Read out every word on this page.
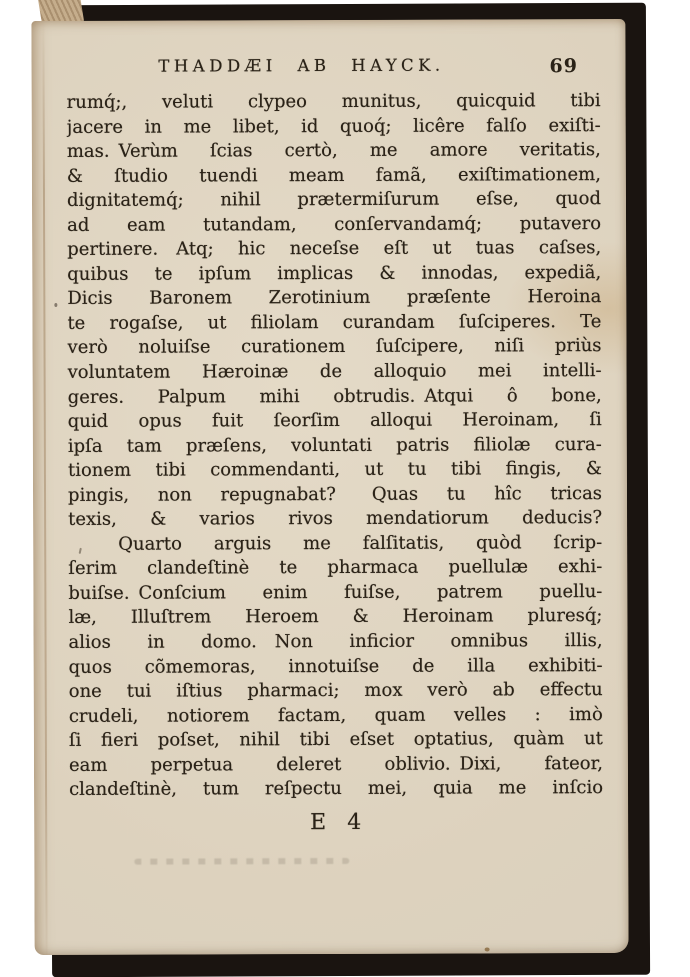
THADDÆI AB HAYCK.	69
rumq́;, veluti clypeo munitus, quicquid tibi
jacere in me libet, id quoq́; licêre falſo exiſti-
mas. Verùm ſcias certò, me amore veritatis,
& ſtudio tuendi meam famã, exiſtimationem,
dignitatemq́; nihil prætermiſurum eſse, quod
ad eam tutandam, conſervandamq́; putavero
pertinere. Atq; hic neceſse eſt ut tuas caſses,
quibus te ipſum implicas & innodas, expediã,
Dicis Baronem Zerotinium præſente Heroina
te rogaſse, ut filiolam curandam ſuſciperes. Te
verò noluiſse curationem ſuſcipere, niſi priùs
voluntatem Hæroinæ de alloquio mei intelli-
geres. Palpum mihi obtrudis. Atqui ô bone,
quid opus fuit ſeorſim alloqui Heroinam, ſi
ipſa tam præſens, voluntati patris filiolæ cura-
tionem tibi commendanti, ut tu tibi fingis, &
pingis, non repugnabat?  Quas tu hîc tricas
texis, & varios rivos mendatiorum deducis?
Quarto arguis me falſitatis, quòd ſcrip-
ſerim clandeſtinè te pharmaca puellulæ exhi-
buiſse. Conſcium enim fuiſse, patrem puellu-
læ, Illuſtrem Heroem & Heroinam pluresq́;
alios in domo. Non inficior omnibus illis,
quos cõmemoras, innotuiſse de illa exhibiti-
one tui iſtius pharmaci; mox verò ab effectu
crudeli, notiorem factam, quam velles : imò
ſi fieri poſset, nihil tibi eſset optatius, quàm ut
eam perpetua deleret oblivio. Dixi, fateor,
clandeſtinè, tum reſpectu mei, quia me inſcio
E 4
